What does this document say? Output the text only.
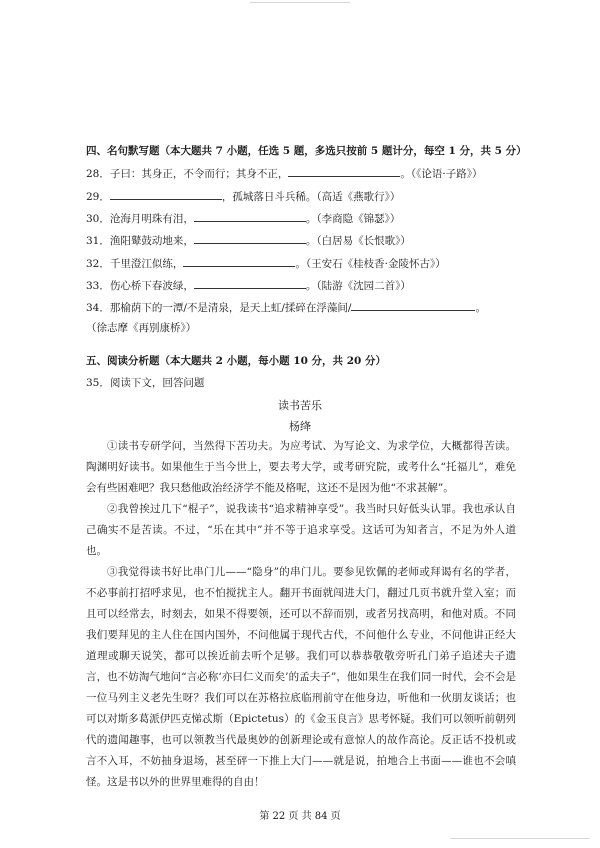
四、名句默写题（本大题共 7 小题，任选 5 题，多选只按前 5 题计分，每空 1 分，共 5 分）
28．子曰：其身正，不令而行；其身不正，	。（《论语·子路》）
29．	，孤城落日斗兵稀。（高适《燕歌行》）
30．沧海月明珠有泪，	。（李商隐《锦瑟》）
31．渔阳鼙鼓动地来，	。（白居易《长恨歌》）
32．千里澄江似练，	。（王安石《桂枝香·金陵怀古》）
33．伤心桥下春波绿，	。（陆游《沈园二首》）
34．那榆荫下的一潭/不是清泉，是天上虹/揉碎在浮藻间/	。
（徐志摩《再别康桥》）
五、阅读分析题（本大题共 2 小题，每小题 10 分，共 20 分）
35．阅读下文，回答问题
读书苦乐
杨绛

①读书专研学问，当然得下苦功夫。为应考试、为写论文、为求学位，大概都得苦读。陶渊明好读书。如果他生于当今世上，要去考大学，或考研究院，或考什么“托福儿”，难免会有些困难吧？我只愁他政治经济学不能及格呢，这还不是因为他“不求甚解”。

②我曾挨过几下“棍子”，说我读书“追求精神享受”。我当时只好低头认罪。我也承认自己确实不是苦读。不过，“乐在其中”并不等于追求享受。这话可为知者言，不足为外人道也。

③我觉得读书好比串门儿——“隐身”的串门儿。要参见钦佩的老师或拜谒有名的学者，不必事前打招呼求见，也不怕搅扰主人。翻开书面就闯进大门，翻过几页书就升堂入室；而且可以经常去，时刻去，如果不得要领，还可以不辞而别，或者另找高明，和他对质。不同我们要拜见的主人住在国内国外，不问他属于现代古代，不问他什么专业，不问他讲正经大道理或聊天说笑，都可以挨近前去听个足够。我们可以恭恭敬敬旁听孔门弟子追述夫子遗言，也不妨淘气地问“言必称‘亦曰仁义而矣’的孟夫子”，他如果生在我们同一时代，会不会是一位马列主义老先生呀？我们可以在苏格拉底临刑前守在他身边，听他和一伙朋友谈话；也可以对斯多葛派伊匹克悌忒斯（Epictetus）的《金玉良言》思考怀疑。我们可以领听前朝列代的遗闻趣事，也可以领教当代最奥妙的创新理论或有意惊人的故作高论。反正话不投机或言不入耳，不妨抽身退场，甚至砰一下推上大门——就是说，拍地合上书面——谁也不会嗔怪。这是书以外的世界里难得的自由！

第 22 页 共 84 页
